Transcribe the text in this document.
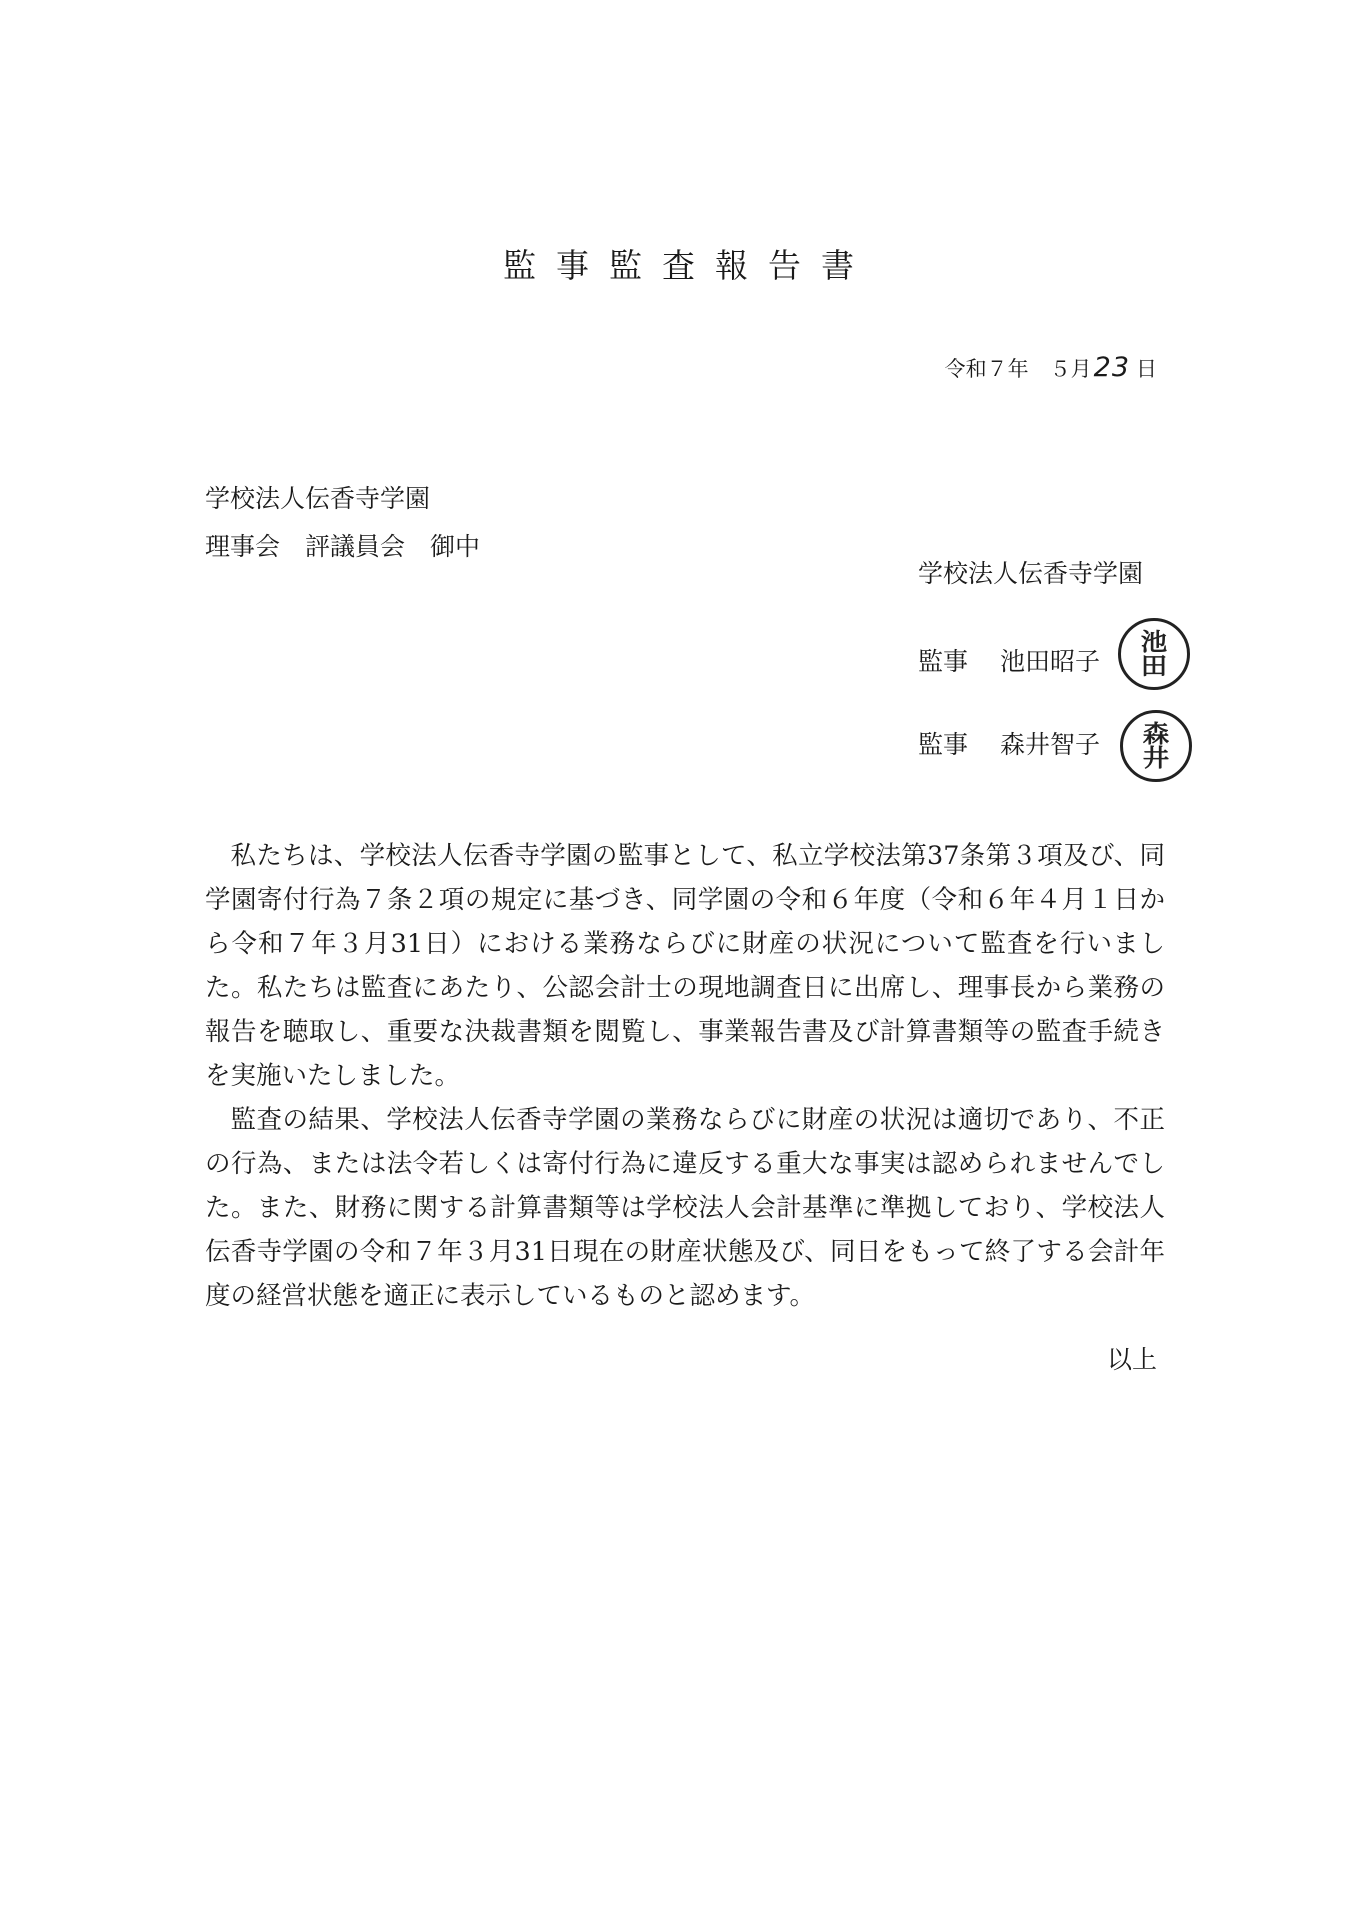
監事監査報告書
令和７年　５月23 日
学校法人伝香寺学園
理事会　評議員会　御中
学校法人伝香寺学園
監事 池田昭子
池
田
監事 森井智子 森
井

私たちは、学校法人伝香寺学園の監事として、私立学校法第37条第３項及び、同学園寄付行為７条２項の規定に基づき、同学園の令和６年度（令和６年４月１日から令和７年３月31日）における業務ならびに財産の状況について監査を行いました。私たちは監査にあたり、公認会計士の現地調査日に出席し、理事長から業務の報告を聴取し、重要な決裁書類を閲覧し、事業報告書及び計算書類等の監査手続きを実施いたしました。

監査の結果、学校法人伝香寺学園の業務ならびに財産の状況は適切であり、不正の行為、または法令若しくは寄付行為に違反する重大な事実は認められませんでした。また、財務に関する計算書類等は学校法人会計基準に準拠しており、学校法人伝香寺学園の令和７年３月31日現在の財産状態及び、同日をもって終了する会計年度の経営状態を適正に表示しているものと認めます。

以上
